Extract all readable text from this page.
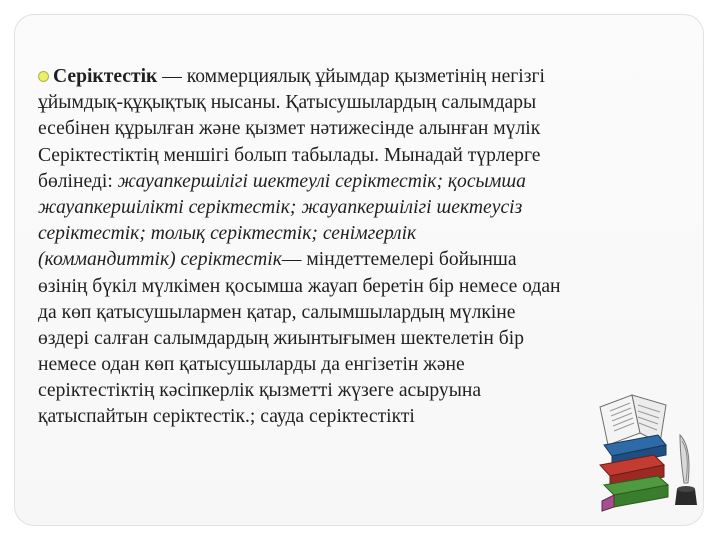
Серіктестік — коммерциялық ұйымдар қызметінің негізгі
ұйымдық-құқықтық нысаны. Қатысушылардың салымдары
есебінен құрылған және қызмет нәтижесінде алынған мүлік
Серіктестіктің меншігі болып табылады. Мынадай түрлерге
бөлінеді: жауапкершілігі шектеулі серіктестік; қосымша
жауапкершілікті серіктестік; жауапкершілігі шектеусіз
серіктестік; толық серіктестік; сенімгерлік
(коммандиттік) серіктестік— міндеттемелері бойынша
өзінің бүкіл мүлкімен қосымша жауап беретін бір немесе одан
да көп қатысушылармен қатар, салымшылардың мүлкіне
өздері салған салымдардың жиынтығымен шектелетін бір
немесе одан көп қатысушыларды да енгізетін және
серіктестіктің кәсіпкерлік қызметті жүзеге асыруына
қатыспайтын серіктестік.; сауда серіктестікті
